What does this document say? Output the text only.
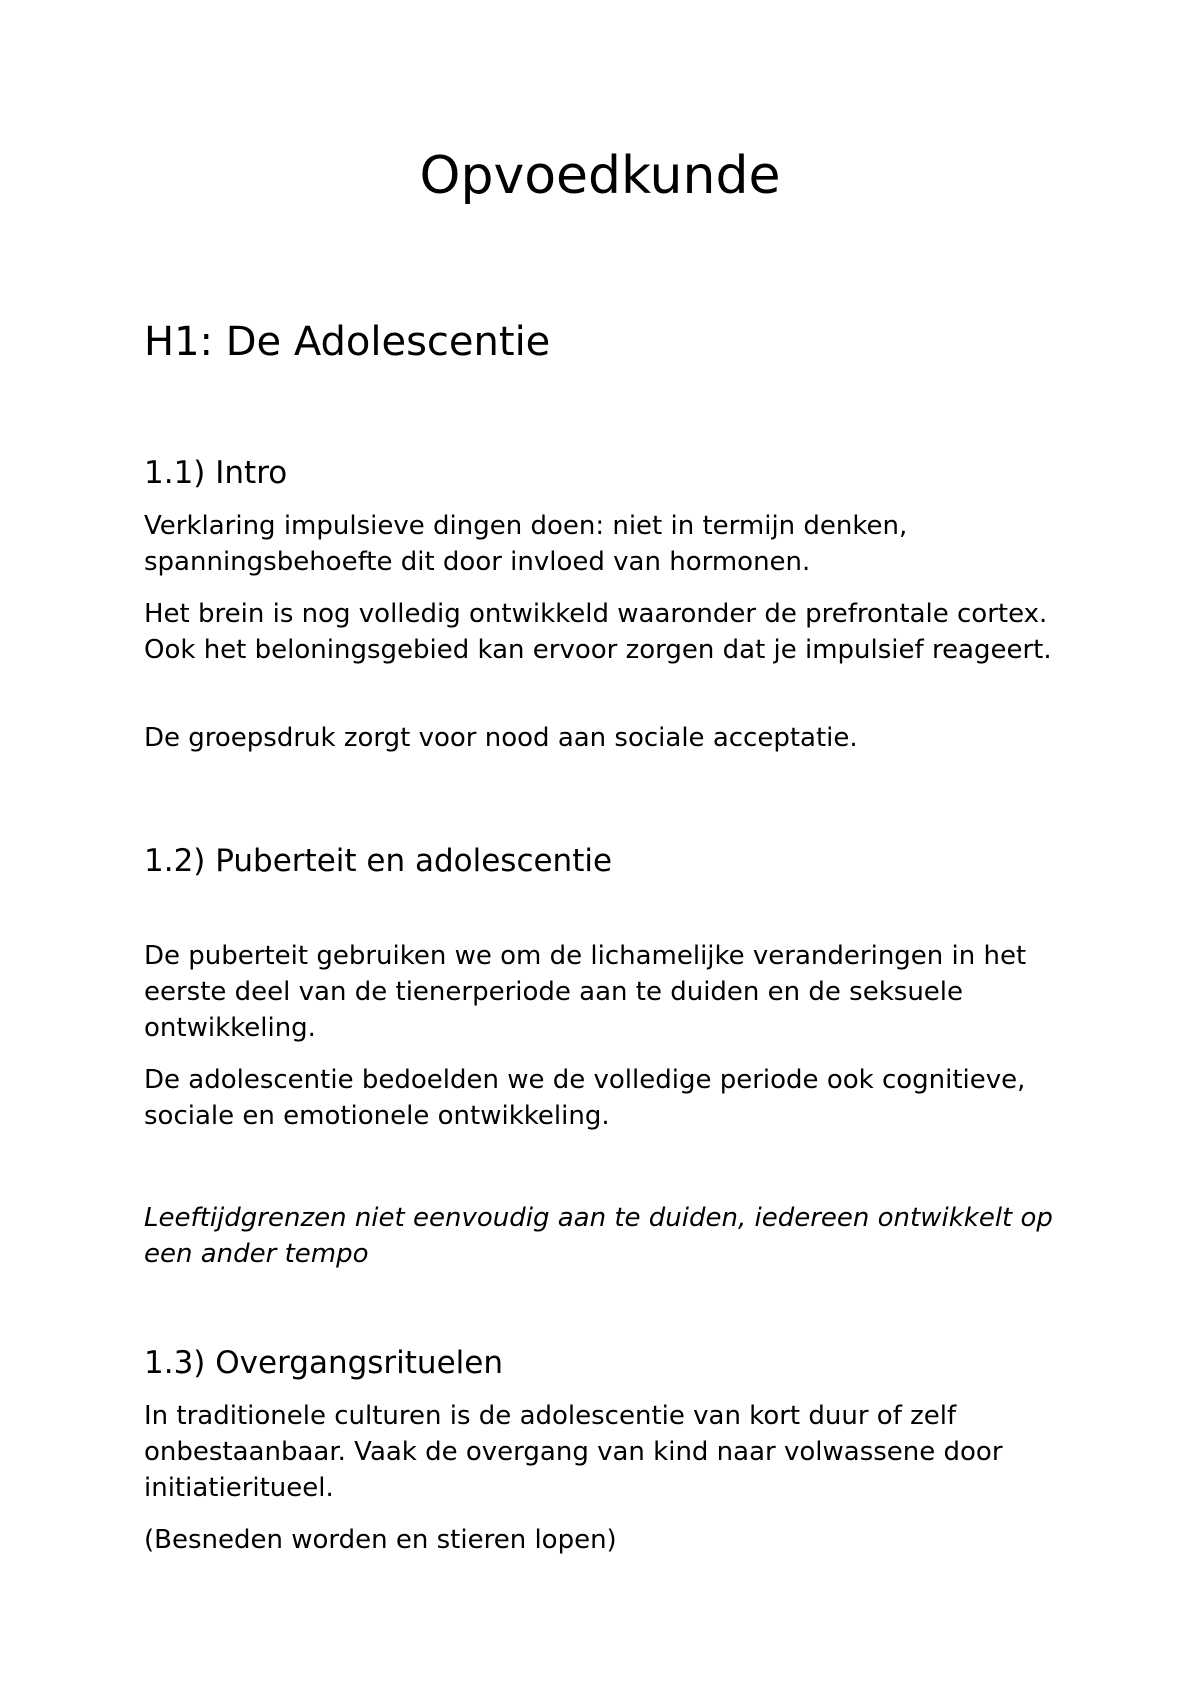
Opvoedkunde
H1: De Adolescentie
1.1) Intro

Verklaring impulsieve dingen doen: niet in termijn denken, spanningsbehoefte dit door invloed van hormonen.

Het brein is nog volledig ontwikkeld waaronder de prefrontale cortex. Ook het beloningsgebied kan ervoor zorgen dat je impulsief reageert.

De groepsdruk zorgt voor nood aan sociale acceptatie.

1.2) Puberteit en adolescentie

De puberteit gebruiken we om de lichamelijke veranderingen in het eerste deel van de tienerperiode aan te duiden en de seksuele ontwikkeling.

De adolescentie bedoelden we de volledige periode ook cognitieve, sociale en emotionele ontwikkeling.

Leeftijdgrenzen niet eenvoudig aan te duiden, iedereen ontwikkelt op een ander tempo

1.3) Overgangsrituelen

In traditionele culturen is de adolescentie van kort duur of zelf onbestaanbaar. Vaak de overgang van kind naar volwassene door initiatieritueel.

(Besneden worden en stieren lopen)
